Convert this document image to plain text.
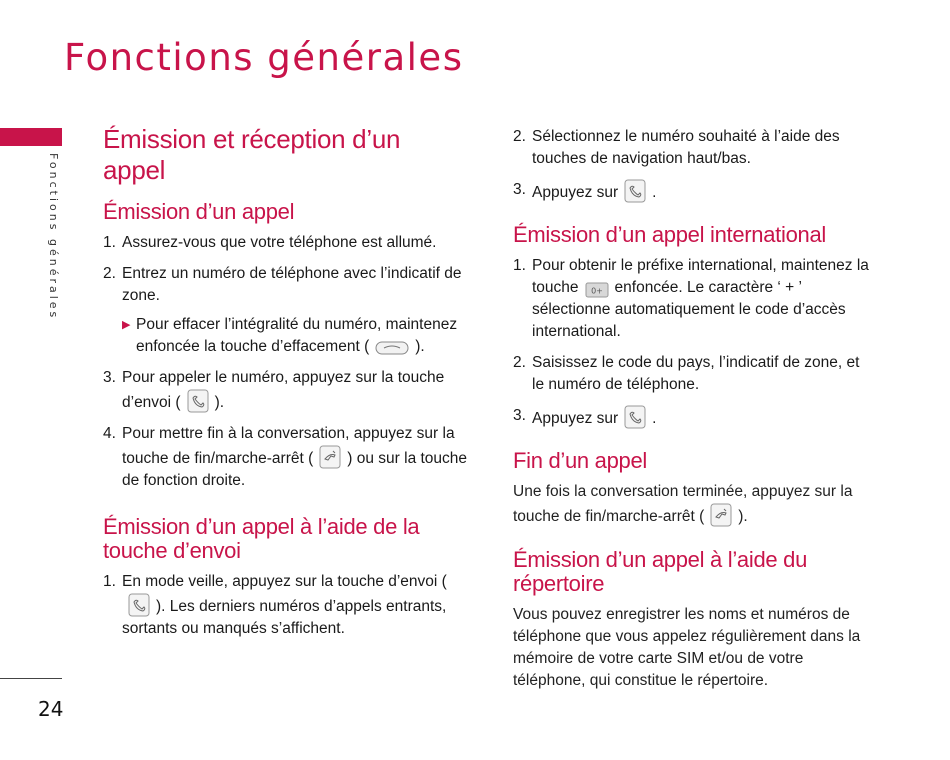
Fonctions générales
Fonctions générales
24
Émission et réception d’un appel
Émission d’un appel
1. Assurez-vous que votre téléphone est allumé.
2. Entrez un numéro de téléphone avec l’indicatif de zone.
▶ Pour effacer l’intégralité du numéro, maintenez enfoncée la touche d’effacement (	).
3. Pour appeler le numéro, appuyez sur la touche d’envoi ( ).
4. Pour mettre fin à la conversation, appuyez sur la touche de fin/marche-arrêt ( ) ou sur la touche de fonction droite.
Émission d’un appel à l’aide de la touche d’envoi
1. En mode veille, appuyez sur la touche d’envoi (
). Les derniers numéros d’appels entrants, sortants ou manqués s’affichent.
2. Sélectionnez le numéro souhaité à l’aide des touches de navigation haut/bas.
3. Appuyez sur .
Émission d’un appel international
1. Pour obtenir le préfixe international, maintenez la touche 0+ enfoncée. Le caractère ‘ + ’ sélectionne automatiquement le code d’accès international.
2. Saisissez le code du pays, l’indicatif de zone, et le numéro de téléphone.
3. Appuyez sur .
Fin d’un appel

Une fois la conversation terminée, appuyez sur la touche de fin/marche-arrêt ( ).

Émission d’un appel à l’aide du répertoire

Vous pouvez enregistrer les noms et numéros de téléphone que vous appelez régulièrement dans la mémoire de votre carte SIM et/ou de votre téléphone, qui constitue le répertoire.
